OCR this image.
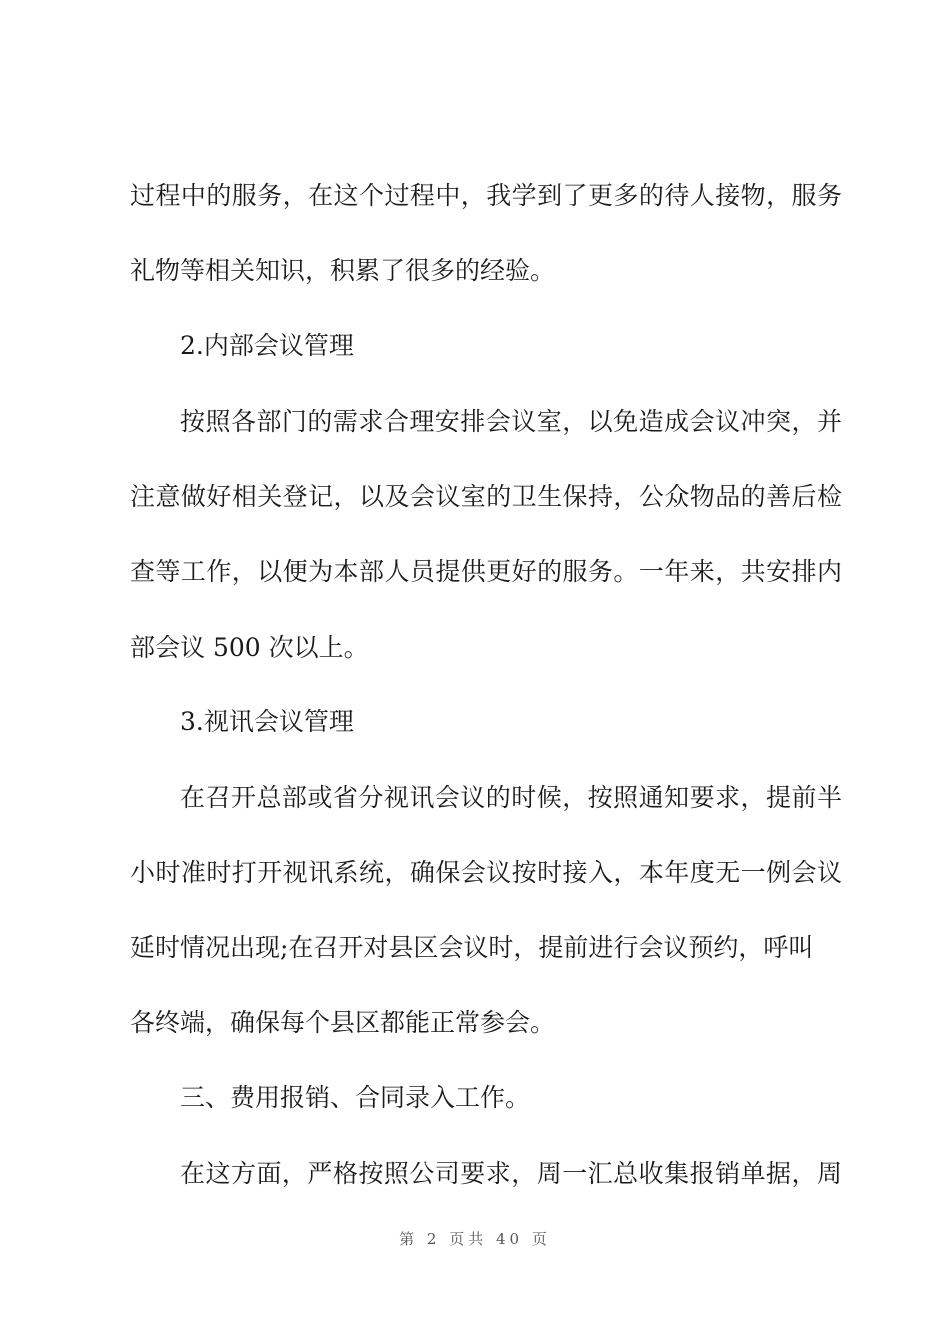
过程中的服务，在这个过程中，我学到了更多的待人接物，服务
礼物等相关知识，积累了很多的经验。
2.内部会议管理
按照各部门的需求合理安排会议室，以免造成会议冲突，并
注意做好相关登记，以及会议室的卫生保持，公众物品的善后检
查等工作，以便为本部人员提供更好的服务。一年来，共安排内
部会议 500 次以上。
3.视讯会议管理
在召开总部或省分视讯会议的时候，按照通知要求，提前半
小时准时打开视讯系统，确保会议按时接入，本年度无一例会议
延时情况出现;在召开对县区会议时，提前进行会议预约，呼叫
各终端，确保每个县区都能正常参会。
三、费用报销、合同录入工作。
在这方面，严格按照公司要求，周一汇总收集报销单据，周
第 2 页共 40 页
